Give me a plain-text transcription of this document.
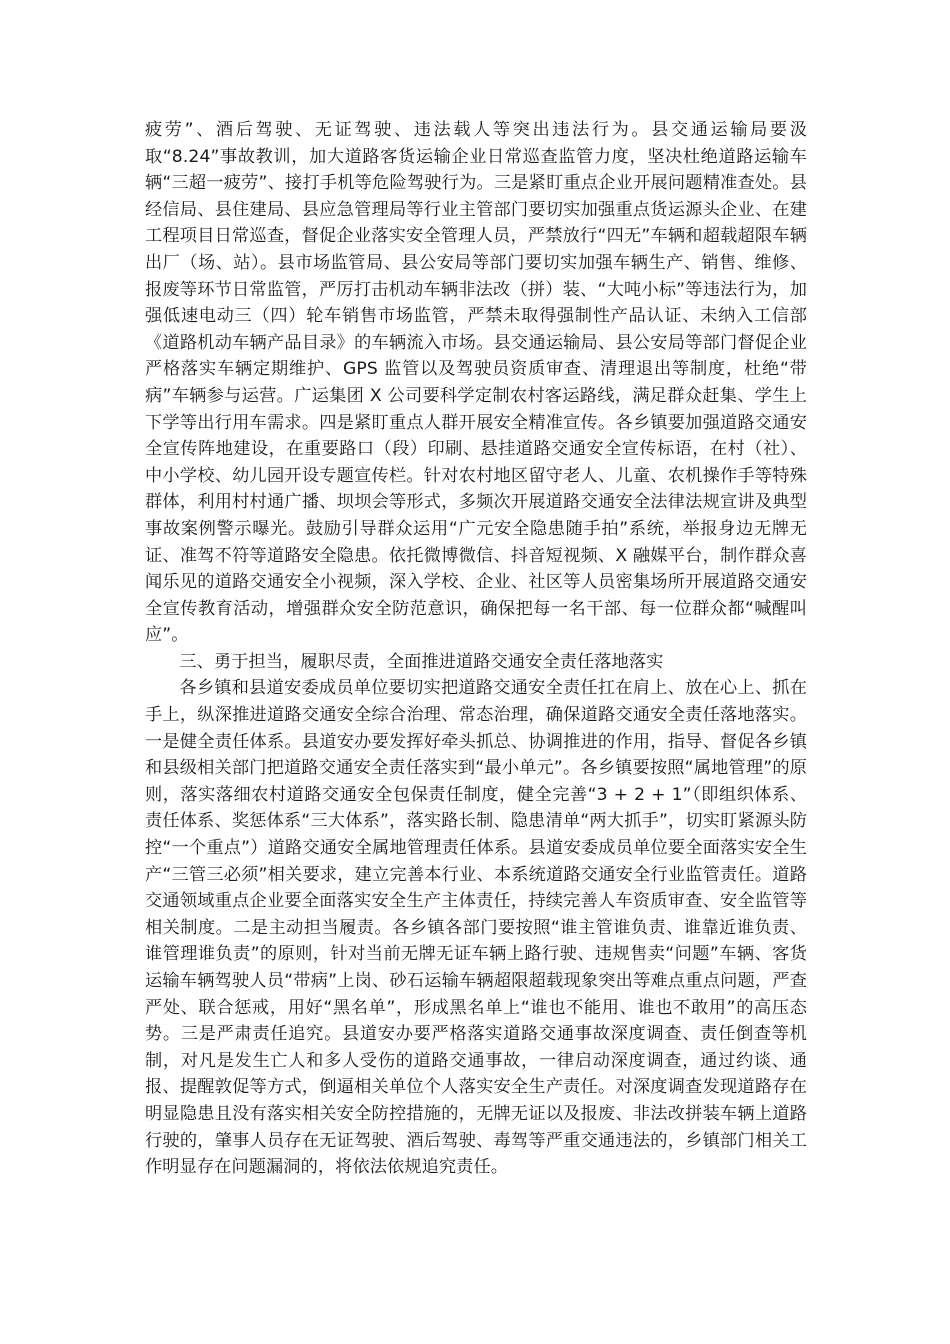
疲劳”、酒后驾驶、无证驾驶、违法载人等突出违法行为。县交通运输局要汲取“8.24”事故教训，加大道路客货运输企业日常巡查监管力度，坚决杜绝道路运输车辆“三超一疲劳”、接打手机等危险驾驶行为。三是紧盯重点企业开展问题精准查处。县经信局、县住建局、县应急管理局等行业主管部门要切实加强重点货运源头企业、在建工程项目日常巡查，督促企业落实安全管理人员，严禁放行“四无”车辆和超载超限车辆出厂（场、站）。县市场监管局、县公安局等部门要切实加强车辆生产、销售、维修、报废等环节日常监管，严厉打击机动车辆非法改（拼）装、“大吨小标”等违法行为，加强低速电动三（四）轮车销售市场监管，严禁未取得强制性产品认证、未纳入工信部《道路机动车辆产品目录》的车辆流入市场。县交通运输局、县公安局等部门督促企业严格落实车辆定期维护、GPS 监管以及驾驶员资质审查、清理退出等制度，杜绝“带病”车辆参与运营。广运集团 X 公司要科学定制农村客运路线，满足群众赶集、学生上下学等出行用车需求。四是紧盯重点人群开展安全精准宣传。各乡镇要加强道路交通安全宣传阵地建设，在重要路口（段）印刷、悬挂道路交通安全宣传标语，在村（社）、中小学校、幼儿园开设专题宣传栏。针对农村地区留守老人、儿童、农机操作手等特殊群体，利用村村通广播、坝坝会等形式，多频次开展道路交通安全法律法规宣讲及典型事故案例警示曝光。鼓励引导群众运用“广元安全隐患随手拍”系统，举报身边无牌无证、准驾不符等道路安全隐患。依托微博微信、抖音短视频、X 融媒平台，制作群众喜闻乐见的道路交通安全小视频，深入学校、企业、社区等人员密集场所开展道路交通安全宣传教育活动，增强群众安全防范意识，确保把每一名干部、每一位群众都“喊醒叫应”。

三、勇于担当，履职尽责，全面推进道路交通安全责任落地落实

各乡镇和县道安委成员单位要切实把道路交通安全责任扛在肩上、放在心上、抓在手上，纵深推进道路交通安全综合治理、常态治理，确保道路交通安全责任落地落实。一是健全责任体系。县道安办要发挥好牵头抓总、协调推进的作用，指导、督促各乡镇和县级相关部门把道路交通安全责任落实到“最小单元”。各乡镇要按照“属地管理”的原则，落实落细农村道路交通安全包保责任制度，健全完善“3 + 2 + 1”（即组织体系、责任体系、奖惩体系“三大体系”，落实路长制、隐患清单“两大抓手”，切实盯紧源头防控“一个重点”）道路交通安全属地管理责任体系。县道安委成员单位要全面落实安全生产“三管三必须”相关要求，建立完善本行业、本系统道路交通安全行业监管责任。道路交通领域重点企业要全面落实安全生产主体责任，持续完善人车资质审查、安全监管等相关制度。二是主动担当履责。各乡镇各部门要按照“谁主管谁负责、谁靠近谁负责、谁管理谁负责”的原则，针对当前无牌无证车辆上路行驶、违规售卖“问题”车辆、客货运输车辆驾驶人员“带病”上岗、砂石运输车辆超限超载现象突出等难点重点问题，严查严处、联合惩戒，用好“黑名单”，形成黑名单上“谁也不能用、谁也不敢用”的高压态势。三是严肃责任追究。县道安办要严格落实道路交通事故深度调查、责任倒查等机制，对凡是发生亡人和多人受伤的道路交通事故，一律启动深度调查，通过约谈、通报、提醒敦促等方式，倒逼相关单位个人落实安全生产责任。对深度调查发现道路存在明显隐患且没有落实相关安全防控措施的，无牌无证以及报废、非法改拼装车辆上道路行驶的，肇事人员存在无证驾驶、酒后驾驶、毒驾等严重交通违法的，乡镇部门相关工作明显存在问题漏洞的，将依法依规追究责任。
